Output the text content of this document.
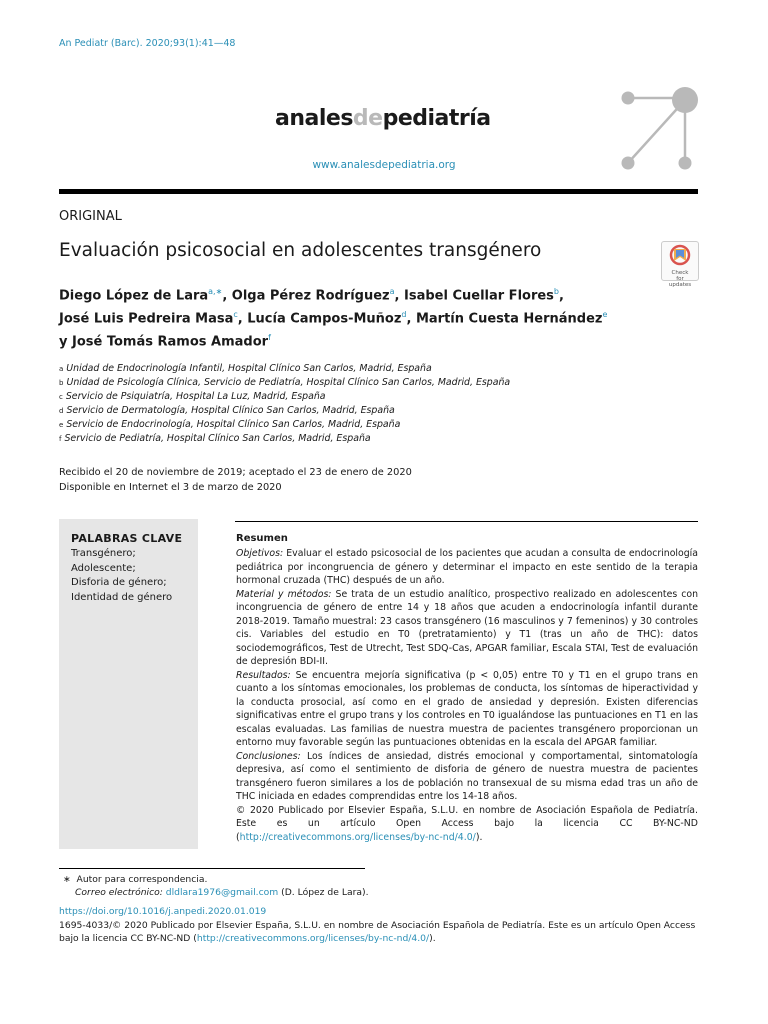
An Pediatr (Barc). 2020;93(1):41—48
analesdepediatría
www.analesdepediatria.org
ORIGINAL
Evaluación psicosocial en adolescentes transgénero
Check for updates
Diego López de Lara$^{a,∗}$, Olga Pérez Rodríguez$^a$, Isabel Cuellar Flores$^b$,
José Luis Pedreira Masa$^c$, Lucía Campos-Muñoz$^d$, Martín Cuesta Hernández$^e$
y José Tomás Ramos Amador$^f$
$^a$ Unidad de Endocrinología Infantil, Hospital Clínico San Carlos, Madrid, España
$^b$ Unidad de Psicología Clínica, Servicio de Pediatría, Hospital Clínico San Carlos, Madrid, España
$^c$ Servicio de Psiquiatría, Hospital La Luz, Madrid, España
$^d$ Servicio de Dermatología, Hospital Clínico San Carlos, Madrid, España
$^e$ Servicio de Endocrinología, Hospital Clínico San Carlos, Madrid, España
$^f$ Servicio de Pediatría, Hospital Clínico San Carlos, Madrid, España
Recibido el 20 de noviembre de 2019; aceptado el 23 de enero de 2020
Disponible en Internet el 3 de marzo de 2020
PALABRAS CLAVE
Transgénero;
Adolescente;
Disforia de género;
Identidad de género
Resumen
Objetivos: Evaluar el estado psicosocial de los pacientes que acudan a consulta de endocrinología pediátrica por incongruencia de género y determinar el impacto en este sentido de la terapia hormonal cruzada (THC) después de un año.
Material y métodos: Se trata de un estudio analítico, prospectivo realizado en adolescentes con incongruencia de género de entre 14 y 18 años que acuden a endocrinología infantil durante 2018-2019. Tamaño muestral: 23 casos transgénero (16 masculinos y 7 femeninos) y 30 controles cis. Variables del estudio en T0 (pretratamiento) y T1 (tras un año de THC): datos sociodemográficos, Test de Utrecht, Test SDQ-Cas, APGAR familiar, Escala STAI, Test de evaluación de depresión BDI-II.
Resultados: Se encuentra mejoría significativa (p < 0,05) entre T0 y T1 en el grupo trans en cuanto a los síntomas emocionales, los problemas de conducta, los síntomas de hiperactividad y la conducta prosocial, así como en el grado de ansiedad y depresión. Existen diferencias significativas entre el grupo trans y los controles en T0 igualándose las puntuaciones en T1 en las escalas evaluadas. Las familias de nuestra muestra de pacientes transgénero proporcionan un entorno muy favorable según las puntuaciones obtenidas en la escala del APGAR familiar.
Conclusiones: Los índices de ansiedad, distrés emocional y comportamental, sintomatología depresiva, así como el sentimiento de disforia de género de nuestra muestra de pacientes transgénero fueron similares a los de población no transexual de su misma edad tras un año de THC iniciada en edades comprendidas entre los 14-18 años.
© 2020 Publicado por Elsevier España, S.L.U. en nombre de Asociación Española de Pediatría. Este es un artículo Open Access bajo la licencia CC BY-NC-ND (http://creativecommons.org/licenses/by-nc-nd/4.0/).
∗ Autor para correspondencia.
Correo electrónico: dldlara1976@gmail.com (D. López de Lara).
https://doi.org/10.1016/j.anpedi.2020.01.019
1695-4033/© 2020 Publicado por Elsevier España, S.L.U. en nombre de Asociación Española de Pediatría. Este es un artículo Open Access bajo la licencia CC BY-NC-ND (http://creativecommons.org/licenses/by-nc-nd/4.0/).
